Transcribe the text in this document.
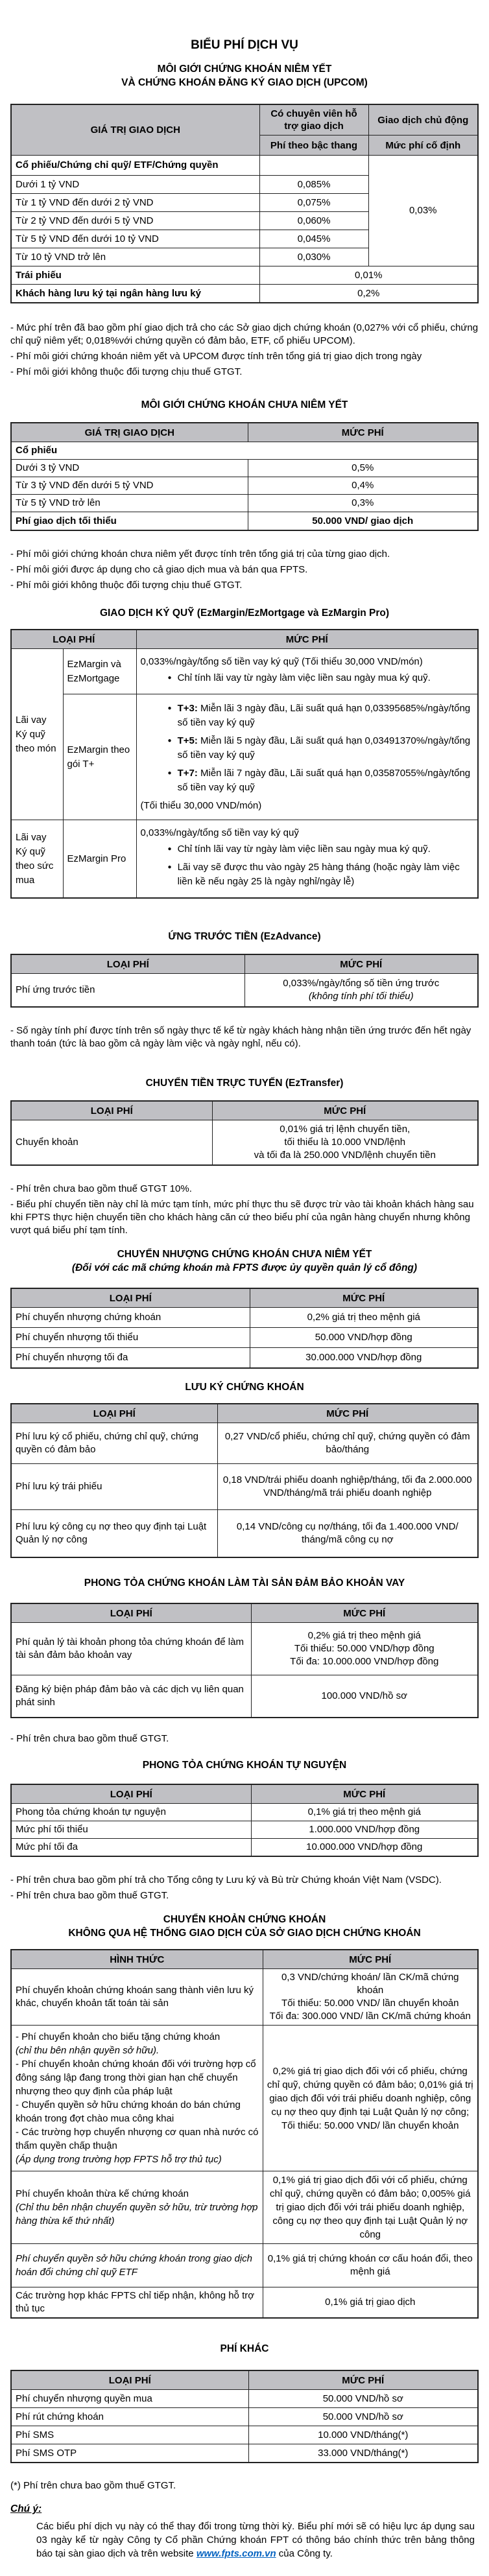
BIỂU PHÍ DỊCH VỤ
MÔI GIỚI CHỨNG KHOÁN NIÊM YẾT
VÀ CHỨNG KHOÁN ĐĂNG KÝ GIAO DỊCH (UPCOM)
GIÁ TRỊ GIAO DỊCH	Có chuyên viên hỗ trợ giao dịch	Giao dịch chủ động
	Phí theo bậc thang	Mức phí cố định
Cổ phiếu/Chứng chỉ quỹ/ ETF/Chứng quyền		0,03%
Dưới 1 tỷ VND	0,085%	
Từ 1 tỷ VND đến dưới 2 tỷ VND	0,075%	
Từ 2 tỷ VND đến dưới 5 tỷ VND	0,060%	
Từ 5 tỷ VND đến dưới 10 tỷ VND	0,045%	
Từ 10 tỷ VND trở lên	0,030%	
Trái phiếu	0,01%	
Khách hàng lưu ký tại ngân hàng lưu ký	0,2%	

- Mức phí trên đã bao gồm phí giao dịch trả cho các Sở giao dịch chứng khoán (0,027% với cổ phiếu, chứng chỉ quỹ niêm yết; 0,018%với chứng quyền có đảm bảo, ETF, cổ phiếu UPCOM).

- Phí môi giới chứng khoán niêm yết và UPCOM được tính trên tổng giá trị giao dịch trong ngày

- Phí môi giới không thuộc đối tượng chịu thuế GTGT.

MÔI GIỚI CHỨNG KHOÁN CHƯA NIÊM YẾT
GIÁ TRỊ GIAO DỊCH	MỨC PHÍ
Cổ phiếu	
Dưới 3 tỷ VND	0,5%
Từ 3 tỷ VND đến dưới 5 tỷ VND	0,4%
Từ 5 tỷ VND trở lên	0,3%
Phí giao dịch tối thiểu	50.000 VND/ giao dịch

- Phí môi giới chứng khoán chưa niêm yết được tính trên tổng giá trị của từng giao dịch.

- Phí môi giới được áp dụng cho cả giao dịch mua và bán qua FPTS.

- Phí môi giới không thuộc đối tượng chịu thuế GTGT.

GIAO DỊCH KÝ QUỸ (EzMargin/EzMortgage và EzMargin Pro)
LOẠI PHÍ		MỨC PHÍ
Lãi vay Ký quỹ theo món	EzMargin và EzMortgage	0,033%/ngày/tổng số tiền vay ký quỹ (Tối thiểu 30,000 VND/món)
● Chỉ tính lãi vay từ ngày làm việc liền sau ngày mua ký quỹ.

EzMargin theo gói T+	
● T+3: Miễn lãi 3 ngày đầu, Lãi suất quá hạn 0,03395685%/ngày/tổng số tiền vay ký quỹ
● T+5: Miễn lãi 5 ngày đầu, Lãi suất quá hạn 0,03491370%/ngày/tổng số tiền vay ký quỹ
● T+7: Miễn lãi 7 ngày đầu, Lãi suất quá hạn 0,03587055%/ngày/tổng số tiền vay ký quỹ
(Tối thiểu 30,000 VND/món)

Lãi vay Ký quỹ theo sức mua	EzMargin Pro	0,033%/ngày/tổng số tiền vay ký quỹ
● Chỉ tính lãi vay từ ngày làm việc liền sau ngày mua ký quỹ.
● Lãi vay sẽ được thu vào ngày 25 hàng tháng (hoặc ngày làm việc liền kề nếu ngày 25 là ngày nghỉ/ngày lễ)
ỨNG TRƯỚC TIỀN (EzAdvance)
LOẠI PHÍ	MỨC PHÍ
Phí ứng trước tiền	0,033%/ngày/tổng số tiền ứng trước
(không tính phí tối thiểu)

- Số ngày tính phí được tính trên số ngày thực tế kể từ ngày khách hàng nhận tiền ứng trước đến hết ngày thanh toán (tức là bao gồm cả ngày làm việc và ngày nghỉ, nếu có).

CHUYỂN TIỀN TRỰC TUYẾN (EzTransfer)
LOẠI PHÍ	MỨC PHÍ
Chuyển khoản	0,01% giá trị lệnh chuyển tiền,
tối thiểu là 10.000 VND/lệnh
và tối đa là 250.000 VND/lệnh chuyển tiền

- Phí trên chưa bao gồm thuế GTGT 10%.

- Biểu phí chuyển tiền này chỉ là mức tạm tính, mức phí thực thu sẽ được trừ vào tài khoản khách hàng sau khi FPTS thực hiện chuyển tiền cho khách hàng căn cứ theo biểu phí của ngân hàng chuyển nhưng không vượt quá biểu phí tạm tính.

CHUYỂN NHƯỢNG CHỨNG KHOÁN CHƯA NIÊM YẾT
(Đối với các mã chứng khoán mà FPTS được ủy quyền quản lý cổ đông)
LOẠI PHÍ	MỨC PHÍ
Phí chuyển nhượng chứng khoán	0,2% giá trị theo mệnh giá
Phí chuyển nhượng tối thiểu	50.000 VND/hợp đồng
Phí chuyển nhượng tối đa	30.000.000 VND/hợp đồng
LƯU KÝ CHỨNG KHOÁN
LOẠI PHÍ	MỨC PHÍ
Phí lưu ký cổ phiếu, chứng chỉ quỹ, chứng quyền có đảm bảo	0,27 VND/cổ phiếu, chứng chỉ quỹ, chứng quyền có đảm bảo/tháng
Phí lưu ký trái phiếu	0,18 VND/trái phiếu doanh nghiệp/tháng, tối đa 2.000.000 VND/tháng/mã trái phiếu doanh nghiệp
Phí lưu ký công cụ nợ theo quy định tại Luật Quản lý nợ công	0,14 VND/công cụ nợ/tháng, tối đa 1.400.000 VND/ tháng/mã công cụ nợ
PHONG TỎA CHỨNG KHOÁN LÀM TÀI SẢN ĐẢM BẢO KHOẢN VAY
LOẠI PHÍ	MỨC PHÍ
Phí quản lý tài khoản phong tỏa chứng khoán để làm tài sản đảm bảo khoản vay	0,2% giá trị theo mệnh giá
Tối thiểu: 50.000 VND/hợp đồng
Tối đa: 10.000.000 VND/hợp đồng

Đăng ký biện pháp đảm bảo và các dịch vụ liên quan phát sinh	100.000 VND/hồ sơ

- Phí trên chưa bao gồm thuế GTGT.

PHONG TỎA CHỨNG KHOÁN TỰ NGUYỆN
LOẠI PHÍ	MỨC PHÍ
Phong tỏa chứng khoán tự nguyện	0,1% giá trị theo mệnh giá
Mức phí tối thiểu	1.000.000 VND/hợp đồng
Mức phí tối đa	10.000.000 VND/hợp đồng

- Phí trên chưa bao gồm phí trả cho Tổng công ty Lưu ký và Bù trừ Chứng khoán Việt Nam (VSDC).

- Phí trên chưa bao gồm thuế GTGT.

CHUYỂN KHOẢN CHỨNG KHOÁN
KHÔNG QUA HỆ THỐNG GIAO DỊCH CỦA SỞ GIAO DỊCH CHỨNG KHOÁN
HÌNH THỨC	MỨC PHÍ
Phí chuyển khoản chứng khoán sang thành viên lưu ký khác, chuyển khoản tất toán tài sản	0,3 VND/chứng khoán/ lần CK/mã chứng khoán
Tối thiểu: 50.000 VND/ lần chuyển khoản
Tối đa: 300.000 VND/ lần CK/mã chứng khoán

- Phí chuyển khoản cho biếu tặng chứng khoán
(chỉ thu bên nhận quyền sở hữu).
- Phí chuyển khoản chứng khoán đối với trường hợp cổ đông sáng lập đang trong thời gian hạn chế chuyển nhượng theo quy định của pháp luật
- Chuyển quyền sở hữu chứng khoán do bán chứng khoán trong đợt chào mua công khai
- Các trường hợp chuyển nhượng cơ quan nhà nước có thẩm quyền chấp thuận
(Áp dụng trong trường hợp FPTS hỗ trợ thủ tục)
	0,2% giá trị giao dịch đối với cổ phiếu, chứng chỉ quỹ, chứng quyền có đảm bảo; 0,01% giá trị giao dịch đối với trái phiếu doanh nghiệp, công cụ nợ theo quy định tại Luật Quản lý nợ công; Tối thiểu: 50.000 VND/ lần chuyển khoản

Phí chuyển khoản thừa kế chứng khoán
(Chỉ thu bên nhận chuyển quyền sở hữu, trừ trường hợp hàng thừa kế thứ nhất)	0,1% giá trị giao dịch đối với cổ phiếu, chứng chỉ quỹ, chứng quyền có đảm bảo; 0,005% giá trị giao dịch đối với trái phiếu doanh nghiệp, công cụ nợ theo quy định tại Luật Quản lý nợ công
Phí chuyển quyền sở hữu chứng khoán trong giao dịch hoán đổi chứng chỉ quỹ ETF	0,1% giá trị chứng khoán cơ cấu hoán đổi, theo mệnh giá
Các trường hợp khác FPTS chỉ tiếp nhận, không hỗ trợ thủ tục	0,1% giá trị giao dịch
PHÍ KHÁC
LOẠI PHÍ	MỨC PHÍ
Phí chuyển nhượng quyền mua	50.000 VND/hồ sơ
Phí rút chứng khoán	50.000 VND/hồ sơ
Phí SMS	10.000 VND/tháng(*)
Phí SMS OTP	33.000 VND/tháng(*)

(*) Phí trên chưa bao gồm thuế GTGT.

Chú ý:

Các biểu phí dịch vụ này có thể thay đổi trong từng thời kỳ. Biểu phí mới sẽ có hiệu lực áp dụng sau 03 ngày kể từ ngày Công ty Cổ phần Chứng khoán FPT có thông báo chính thức trên bảng thông báo tại sàn giao dịch và trên website www.fpts.com.vn của Công ty.
